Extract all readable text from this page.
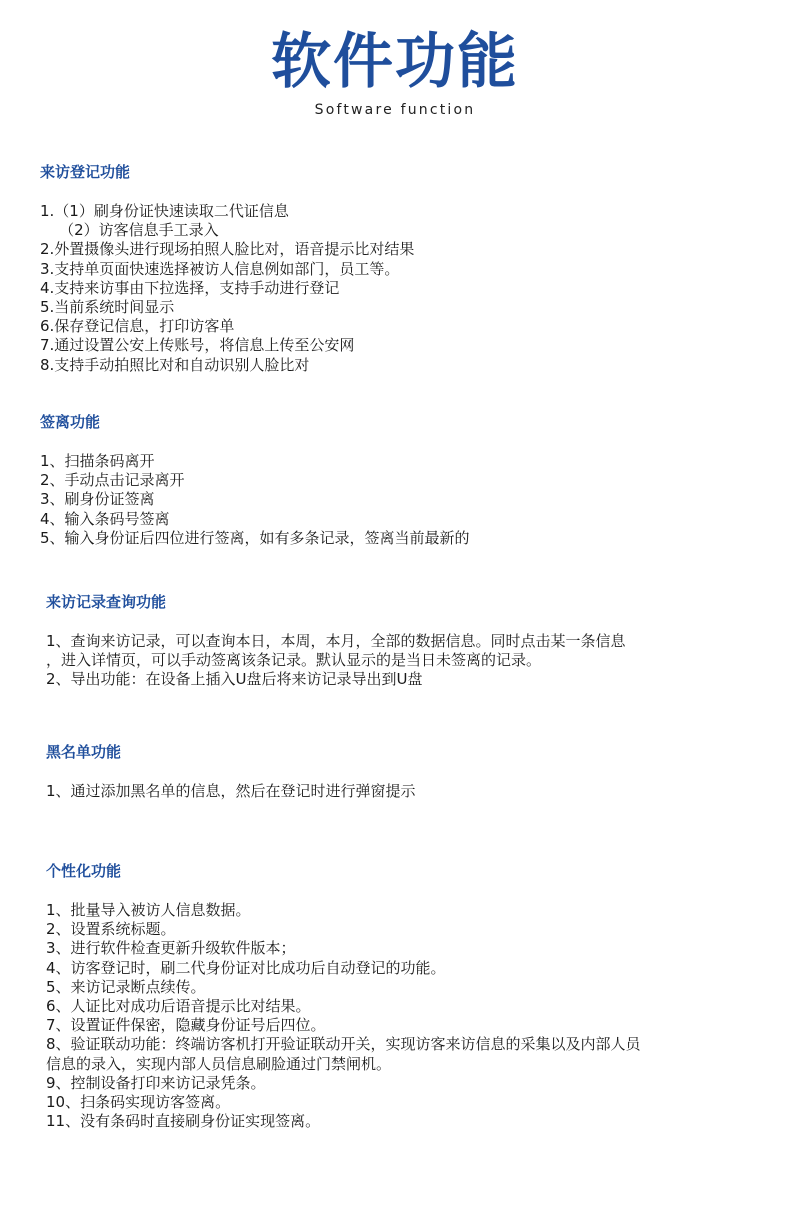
软件功能
Software function
来访登记功能
1.（1）刷身份证快速读取二代证信息
（2）访客信息手工录入
2.外置摄像头进行现场拍照人脸比对，语音提示比对结果
3.支持单页面快速选择被访人信息例如部门，员工等。
4.支持来访事由下拉选择，支持手动进行登记
5.当前系统时间显示
6.保存登记信息，打印访客单
7.通过设置公安上传账号，将信息上传至公安网
8.支持手动拍照比对和自动识别人脸比对
签离功能
1、扫描条码离开
2、手动点击记录离开
3、刷身份证签离
4、输入条码号签离
5、输入身份证后四位进行签离，如有多条记录，签离当前最新的
来访记录查询功能
1、查询来访记录，可以查询本日，本周，本月，全部的数据信息。同时点击某一条信息
，进入详情页，可以手动签离该条记录。默认显示的是当日未签离的记录。
2、导出功能：在设备上插入U盘后将来访记录导出到U盘
黑名单功能
1、通过添加黑名单的信息，然后在登记时进行弹窗提示
个性化功能
1、批量导入被访人信息数据。
2、设置系统标题。
3、进行软件检查更新升级软件版本；
4、访客登记时，刷二代身份证对比成功后自动登记的功能。
5、来访记录断点续传。
6、人证比对成功后语音提示比对结果。
7、设置证件保密，隐藏身份证号后四位。
8、验证联动功能：终端访客机打开验证联动开关，实现访客来访信息的采集以及内部人员
信息的录入，实现内部人员信息刷脸通过门禁闸机。
9、控制设备打印来访记录凭条。
10、扫条码实现访客签离。
11、没有条码时直接刷身份证实现签离。
